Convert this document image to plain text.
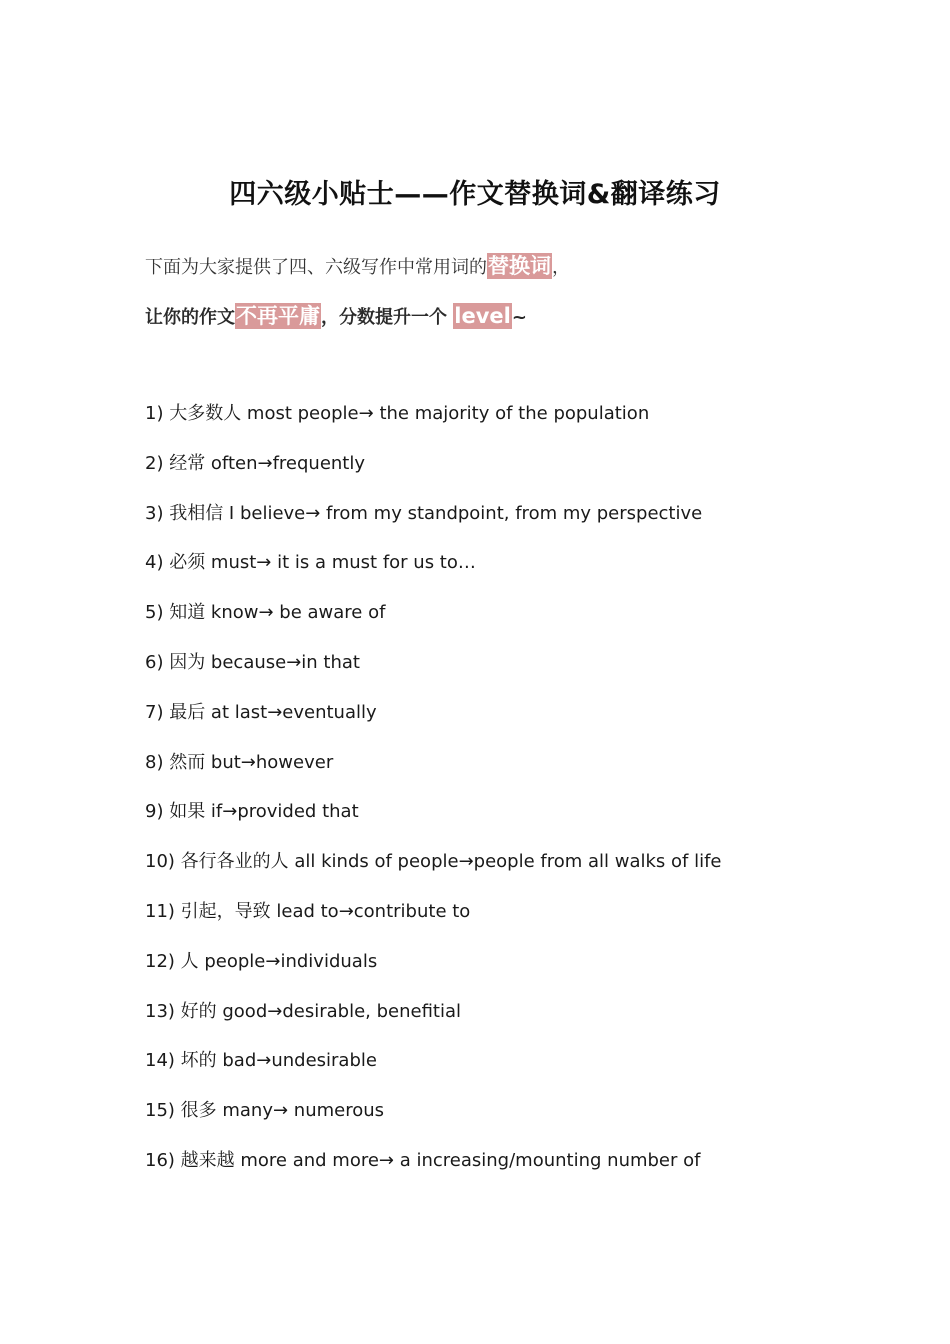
四六级小贴士——作文替换词&翻译练习
下面为大家提供了四、六级写作中常用词的替换词，
让你的作文不再平庸，分数提升一个 level~
1) 大多数人 most people→ the majority of the population
2) 经常 often→frequently
3) 我相信 I believe→ from my standpoint, from my perspective
4) 必须 must→ it is a must for us to…
5) 知道 know→ be aware of
6) 因为 because→in that
7) 最后 at last→eventually
8) 然而 but→however
9) 如果 if→provided that
10) 各行各业的人 all kinds of people→people from all walks of life
11) 引起，导致 lead to→contribute to
12) 人 people→individuals
13) 好的 good→desirable, benefitial
14) 坏的 bad→undesirable
15) 很多 many→ numerous
16) 越来越 more and more→ a increasing/mounting number of
